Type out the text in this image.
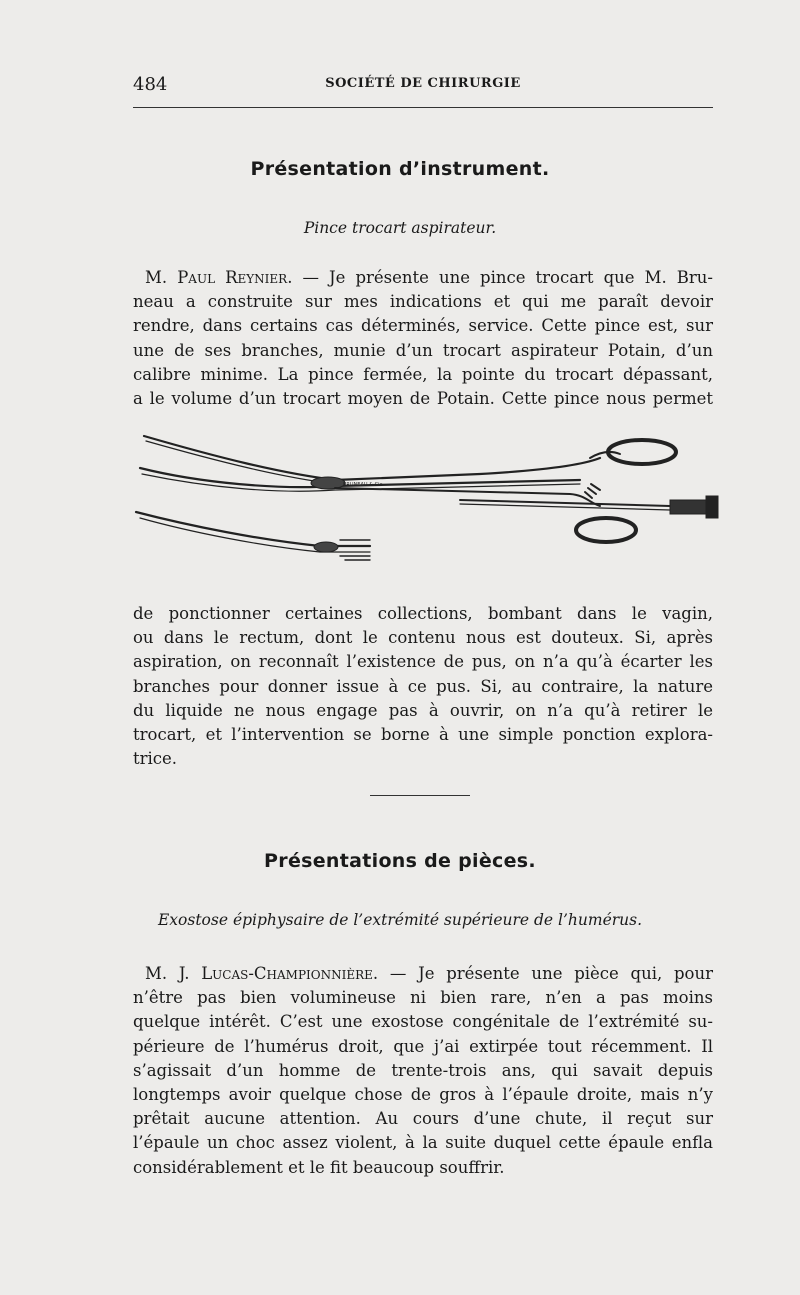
484	SOCIÉTÉ DE CHIRURGIE
Présentation d’instrument.
Pince trocart aspirateur.
M. Paul Reynier. — Je présente une pince trocart que M. Bru-
neau a construite sur mes indications et qui me paraît devoir
rendre, dans certains cas déterminés, service. Cette pince est, sur
une de ses branches, munie d’un trocart aspirateur Potain, d’un
calibre minime. La pince fermée, la pointe du trocart dépassant,
a le volume d’un trocart moyen de Potain. Cette pince nous permet
BRUNEAU & Cie
de ponctionner certaines collections, bombant dans le vagin,
ou dans le rectum, dont le contenu nous est douteux. Si, après
aspiration, on reconnaît l’existence de pus, on n’a qu’à écarter les
branches pour donner issue à ce pus. Si, au contraire, la nature
du liquide ne nous engage pas à ouvrir, on n’a qu’à retirer le
trocart, et l’intervention se borne à une simple ponction explora-
trice.
Présentations de pièces.
Exostose épiphysaire de l’extrémité supérieure de l’humérus.
M. J. Lucas-Championnière. — Je présente une pièce qui, pour
n’être pas bien volumineuse ni bien rare, n’en a pas moins
quelque intérêt. C’est une exostose congénitale de l’extrémité su-
périeure de l’humérus droit, que j’ai extirpée tout récemment. Il
s’agissait d’un homme de trente-trois ans, qui savait depuis
longtemps avoir quelque chose de gros à l’épaule droite, mais n’y
prêtait aucune attention. Au cours d’une chute, il reçut sur
l’épaule un choc assez violent, à la suite duquel cette épaule enfla
considérablement et le fit beaucoup souffrir.
